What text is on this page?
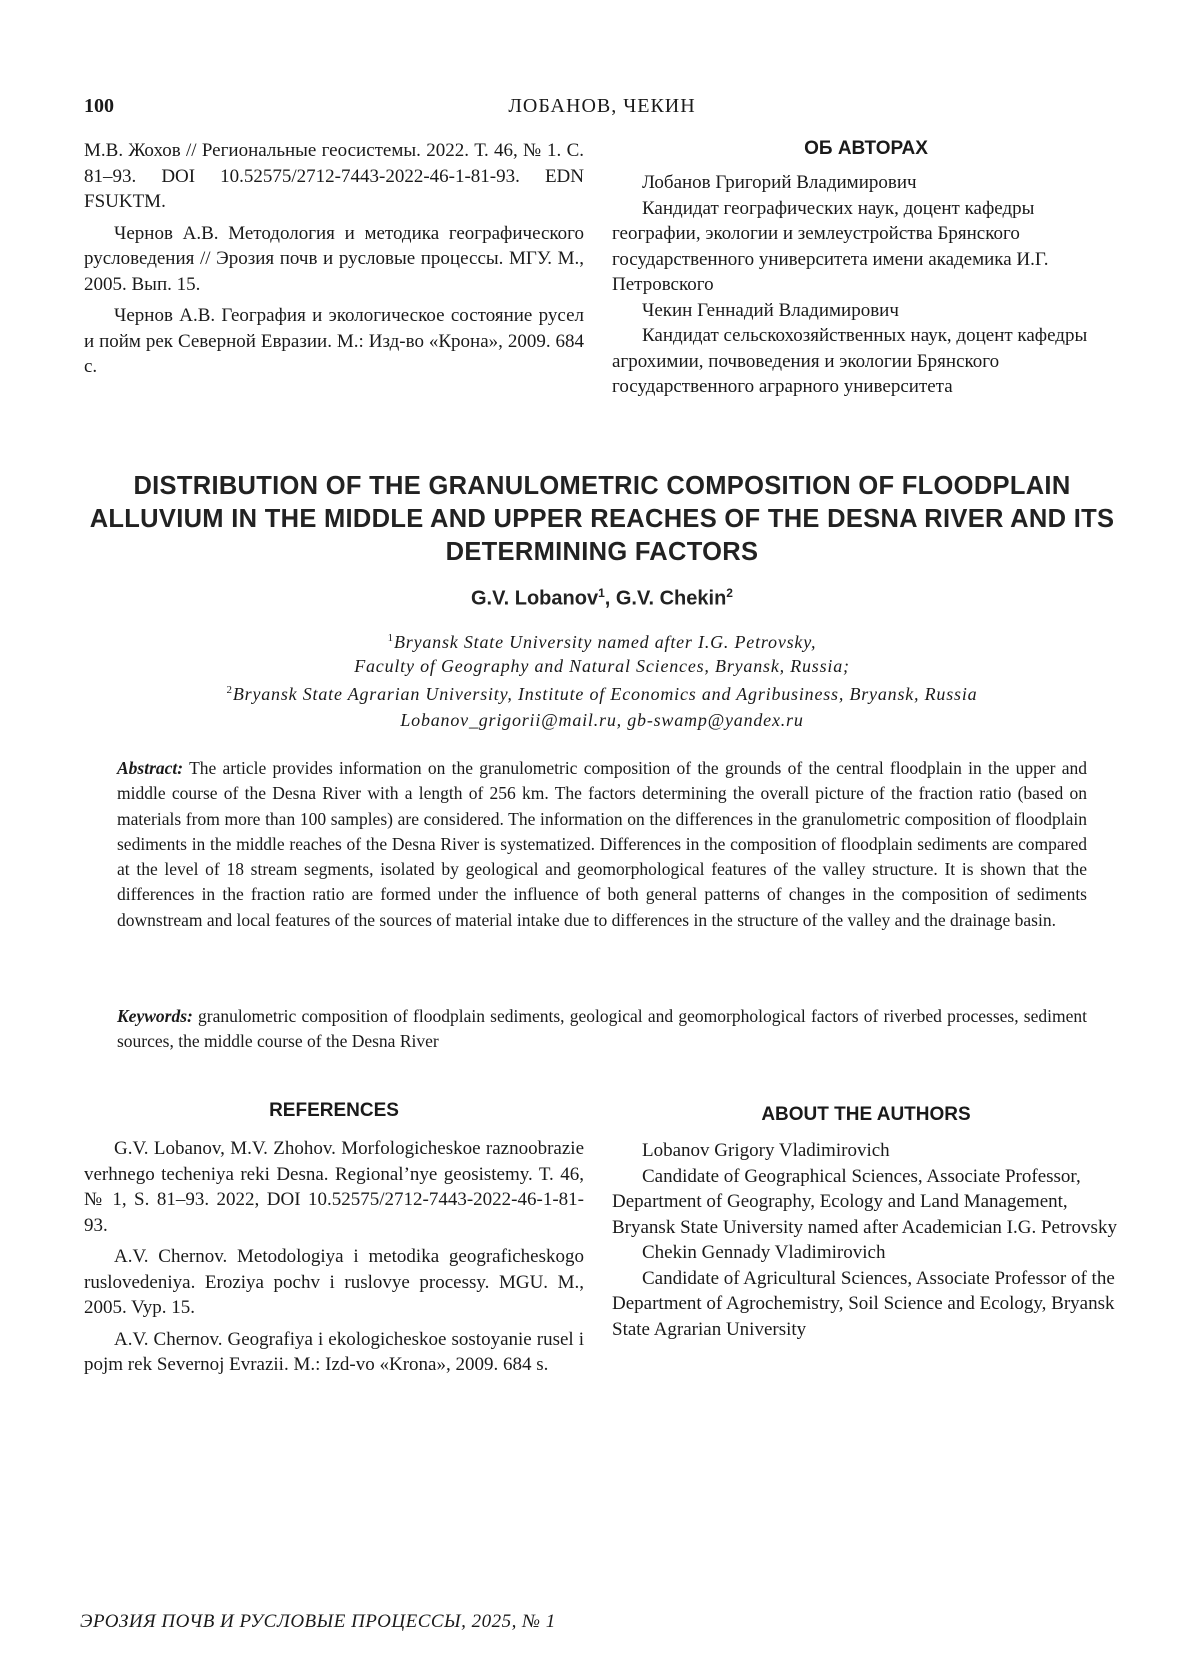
100	ЛОБАНОВ, ЧЕКИН

М.В. Жохов // Региональные геосистемы. 2022. Т. 46, № 1. С. 81–93. DOI 10.52575/2712-7443-2022-46-1-81-93. EDN FSUKTM.

Чернов А.В. Методология и методика географического русловедения // Эрозия почв и русловые процессы. МГУ. М., 2005. Вып. 15.

Чернов А.В. География и экологическое состояние русел и пойм рек Северной Евразии. М.: Изд-во «Крона», 2009. 684 с.

ОБ АВТОРАХ

Лобанов Григорий Владимирович

Кандидат географических наук, доцент кафедры географии, экологии и землеустройства Брянского государственного университета имени академика И.Г. Петровского

Чекин Геннадий Владимирович

Кандидат сельскохозяйственных наук, доцент кафедры агрохимии, почвоведения и экологии Брянского государственного аграрного университета

DISTRIBUTION OF THE GRANULOMETRIC COMPOSITION OF FLOODPLAIN ALLUVIUM IN THE MIDDLE AND UPPER REACHES OF THE DESNA RIVER AND ITS DETERMINING FACTORS
G.V. Lobanov$^1$, G.V. Chekin$^2$
$^1$Bryansk State University named after I.G. Petrovsky,
Faculty of Geography and Natural Sciences, Bryansk, Russia;
$^2$Bryansk State Agrarian University, Institute of Economics and Agribusiness, Bryansk, Russia
Lobanov_grigorii@mail.ru, gb-swamp@yandex.ru

Abstract: The article provides information on the granulometric composition of the grounds of the central floodplain in the upper and middle course of the Desna River with a length of 256 km. The factors determining the overall picture of the fraction ratio (based on materials from more than 100 samples) are considered. The information on the differences in the granulometric composition of floodplain sediments in the middle reaches of the Desna River is systematized. Differences in the composition of floodplain sediments are compared at the level of 18 stream segments, isolated by geological and geomorphological features of the valley structure. It is shown that the differences in the fraction ratio are formed under the influence of both general patterns of changes in the composition of sediments downstream and local features of the sources of material intake due to differences in the structure of the valley and the drainage basin.

Keywords: granulometric composition of floodplain sediments, geological and geomorphological factors of riverbed processes, sediment sources, the middle course of the Desna River

REFERENCES

G.V. Lobanov, M.V. Zhohov. Morfologicheskoe raznoobrazie verhnego techeniya reki Desna. Regional’nye geosistemy. T. 46, № 1, S. 81–93. 2022, DOI 10.52575/2712-7443-2022-46-1-81-93.

A.V. Chernov. Metodologiya i metodika geograficheskogo ruslovedeniya. Eroziya pochv i ruslovye processy. MGU. M., 2005. Vyp. 15.

A.V. Chernov. Geografiya i ekologicheskoe sostoyanie rusel i pojm rek Severnoj Evrazii. M.: Izd-vo «Krona», 2009. 684 s.

ABOUT THE AUTHORS

Lobanov Grigory Vladimirovich

Candidate of Geographical Sciences, Associate Professor, Department of Geography, Ecology and Land Management, Bryansk State University named after Academician I.G. Petrovsky

Chekin Gennady Vladimirovich

Candidate of Agricultural Sciences, Associate Professor of the Department of Agrochemistry, Soil Science and Ecology, Bryansk State Agrarian University

ЭРОЗИЯ ПОЧВ И РУСЛОВЫЕ ПРОЦЕССЫ, 2025, № 1
